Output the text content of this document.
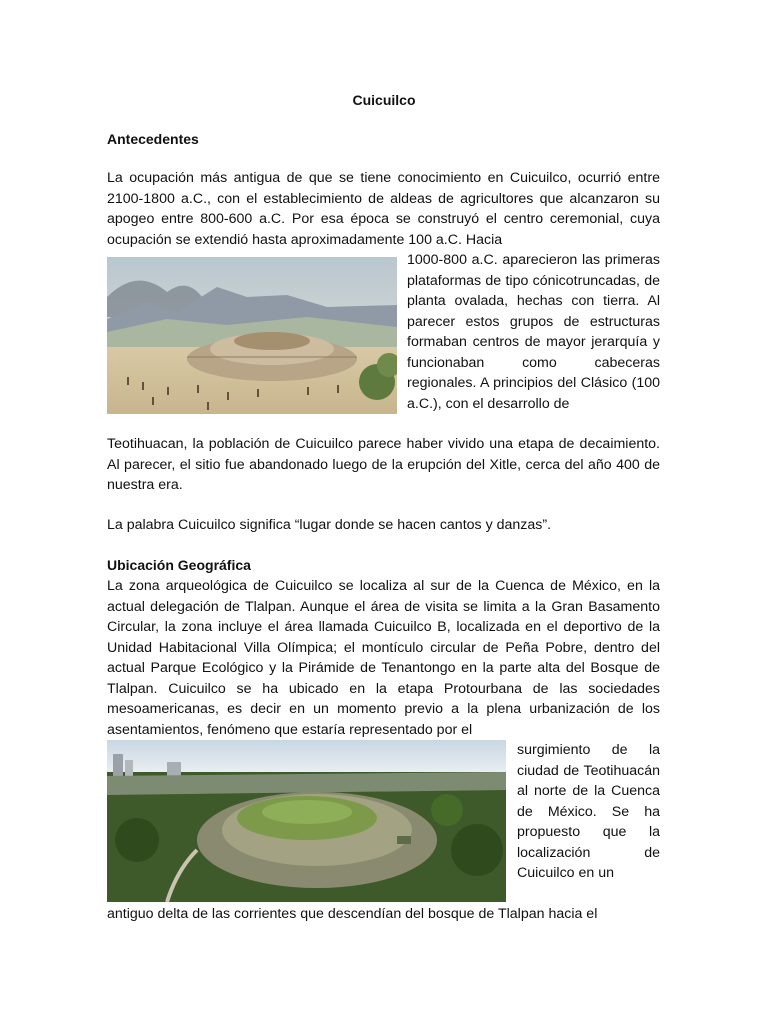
Cuicuilco
Antecedentes
La ocupación más antigua de que se tiene conocimiento en Cuicuilco, ocurrió entre 2100-1800 a.C., con el establecimiento de aldeas de agricultores que alcanzaron su apogeo entre 800-600 a.C. Por esa época se construyó el centro ceremonial, cuya ocupación se extendió hasta aproximadamente 100 a.C. Hacia
1000-800 a.C. aparecieron las primeras plataformas de tipo cónicotruncadas, de planta ovalada, hechas con tierra. Al parecer estos grupos de estructuras formaban centros de mayor jerarquía y funcionaban como cabeceras regionales. A principios del Clásico (100 a.C.), con el desarrollo de
Teotihuacan, la población de Cuicuilco parece haber vivido una etapa de decaimiento. Al parecer, el sitio fue abandonado luego de la erupción del Xitle, cerca del año 400 de nuestra era.
La palabra Cuicuilco significa “lugar donde se hacen cantos y danzas”.
Ubicación Geográfica
La zona arqueológica de Cuicuilco se localiza al sur de la Cuenca de México, en la actual delegación de Tlalpan. Aunque el área de visita se limita a la Gran Basamento Circular, la zona incluye el área llamada Cuicuilco B, localizada en el deportivo de la Unidad Habitacional Villa Olímpica; el montículo circular de Peña Pobre, dentro del actual Parque Ecológico y la Pirámide de Tenantongo en la parte alta del Bosque de Tlalpan. Cuicuilco se ha ubicado en la etapa Protourbana de las sociedades mesoamericanas, es decir en un momento previo a la plena urbanización de los asentamientos, fenómeno que estaría representado por el
surgimiento de la ciudad de Teotihuacán al norte de la Cuenca de México. Se ha propuesto que la localización de Cuicuilco en un
antiguo delta de las corrientes que descendían del bosque de Tlalpan hacia el
